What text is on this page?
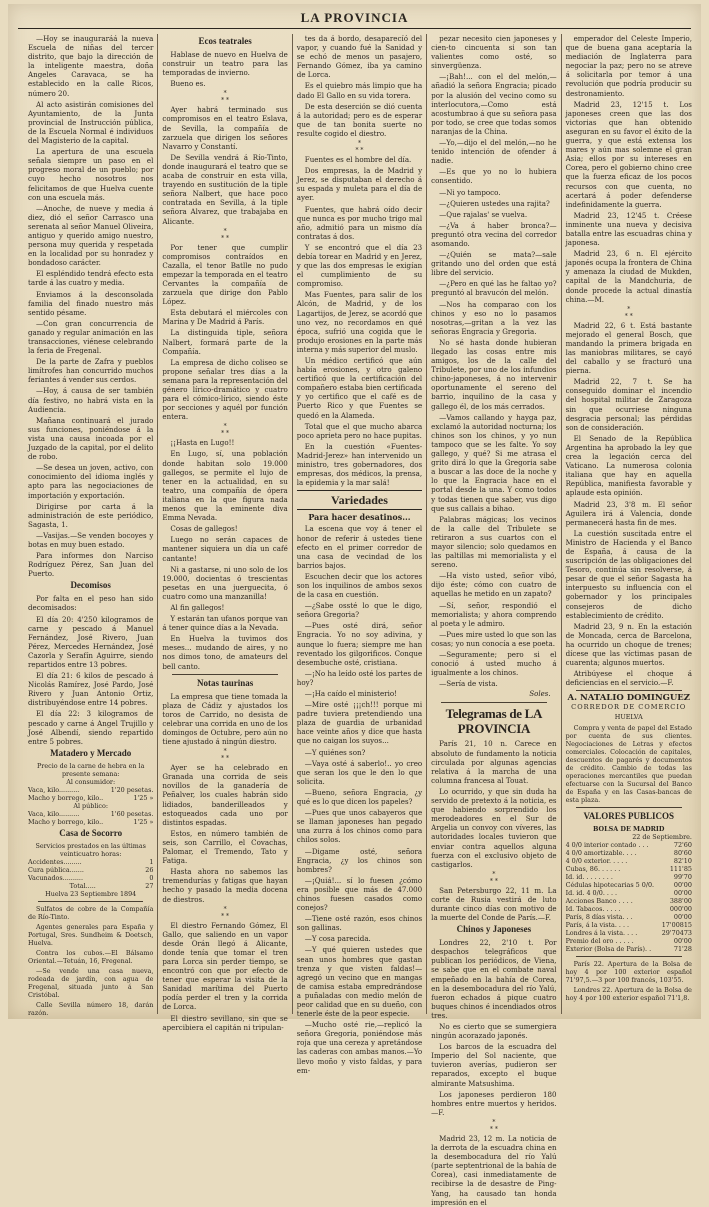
LA PROVINCIA

—Hoy se inauguraráá la nueva Escuela de niñas del tercer distrito, que bajo la dirección de la inteligente maestra, doña Angeles Caravaca, se ha establecido en la calle Ricos, número 20.

Al acto asistirán comisiones del Ayuntamiento, de la Junta provincial de Instrucción pública, de la Escuela Normal é individuos del Magisterio de la capital.

La apertura de una escuela señala siempre un paso en el progreso moral de un pueblo; por cuyo hecho nosotros nos felicitamos de que Huelva cuente con una escuela más.

—Anoche, de nueve y media á diez, dió el señor Carrasco una serenata al señor Manuel Oliveira, antiguo y querido amigo nuestro, persona muy querida y respetada en la localidad por su honradez y bondadoso carácter.

El espléndido tendrá efecto esta tarde á las cuatro y media.

Enviamos á la desconsolada familia del finado nuestro más sentido pésame.

—Con gran concurrencia de ganado y regular animación en las transacciones, viénese celebrando la feria de Fregenal.

De la parte de Zafra y pueblos limítrofes han concurrido muchos feriantes á vender sus cerdos.

—Hoy, á causa de ser también día festivo, no habrá vista en la Audiencia.

Mañana continuará el jurado sus funciones, poniéndose á la vista una causa incoada por el Juzgado de la capital, por el delito de robo.

—Se desea un joven, activo, con conocimiento del idioma inglés y apto para las negociaciones de importación y exportación.

Dirigirse por carta á la administración de este periódico, Sagasta, 1.

—Vasijas.—Se venden bocoyes y botas en muy buen estado.

Para informes don Narciso Rodríguez Pérez, San Juan del Puerto.

Decomisos

Por falta en el peso han sido decomisados:

El día 20: 4'250 kilogramos de carne y pescado á Manuel Fernández, José Rivero, Juan Pérez, Mercedes Hernández, José Cazorla y Serafín Aguirre, siendo repartidos entre 13 pobres.

El día 21: 6 kilos de pescado á Nicolás Ramírez, José Pardo, José Rivero y Juan Antonio Ortiz, distribuyéndose entre 14 pobres.

El día 22: 3 kilogramos de pescado y carne á Angel Trujillo y José Albendí, siendo repartido entre 5 pobres.

Matadero y Mercado
Precio de la carne de hebra en la presente semana:
Al consumidor:
Vaca, kilo..........	1'20 pesetas.
Macho y borrego, kilo..	1'25 »
Al público:
Vaca, kilo..........	1'60 pesetas.
Macho y borrego, kilo..	1'25 »
Casa de Socorro
Servicios prestados en las últimas veinticuatro horas:
Accidentes.........	1
Cura pública.......	26
Vacunados..........	0
Total.....	27
Huelva 23 Septiembre 1894

Sulfatos de cobre de la Compañía de Río-Tinto.

Agentes generales para España y Portugal, Sres. Sundheim & Doetsch, Huelva.

Contra los cubos.—El Bálsamo Oriental.—Tetuán, 16, Fregenal.

—Se vende una casa nueva, rodeada de jardín, con agua de Fregenal, situada junto á San Cristóbal.

Calle Sevilla número 18, darán razón.

Ecos teatrales

Hablase de nuevo en Huelva de construir un teatro para las temporadas de invierno.

Bueno es.

*
* *

Ayer habrá terminado sus compromisos en el teatro Eslava, de Sevilla, la compañía de zarzuela que dirigen los señores Navarro y Constantí.

De Sevilla vendrá á Río-Tinto, donde inaugurará el teatro que se acaba de construir en esta villa, trayendo en sustitución de la tiple señora Nalbert, que hace poco contratada en Sevilla, á la tiple señora Alvarez, que trabajaba en Alicante.

*
* *

Por tener que cumplir compromisos contraídos en Cazalla, el tenor Batlle no pudo empezar la temporada en el teatro Cervantes la compañía de zarzuela que dirige don Pablo López.

Esta debutará el miércoles con Marina y De Madrid á París.

La distinguida tiple, señora Nalbert, formará parte de la Compañía.

La empresa de dicho coliseo se propone señalar tres días a la semana para la representación del género lírico-dramático y cuatro para el cómico-lírico, siendo éste por secciones y aquél por función entera.

*
* *

¡¡Hasta en Lugo!!

En Lugo, sí, una población donde habitan solo 19.000 gallegos, se permite el lujo de tener en la actualidad, en su teatro, una compañía de ópera italiana en la que figura nada menos que la eminente diva Emma Nevada.

Cosas de gallegos!

Luego no serán capaces de mantener siquiera un día un café cantante!

Ni a gastarse, ni uno solo de los 19.000, docientas ó trescientas pesetas en una juerguecita, ó cuatro como una manzanilla!

Al fin gallegos!

Y estarán tan ufanos porque van á tener quince días a la Nevada.

En Huelva la tuvimos dos meses... mudando de aires, y no nos dimos tono, de amateurs del bell canto.

Notas taurinas

La empresa que tiene tomada la plaza de Cádiz y ajustados los toros de Carrido, no desista de celebrar una corrida en uno de los domingos de Octubre, pero aún no tiene ajustado á ningún diestro.

*
* *

Ayer se ha celebrado en Granada una corrida de seis novillos de la ganadería de Peñalver, los cuales habrán sido lidiados, banderilleados y estoqueados cada uno por distintos espadas.

Estos, en número también de seis, son Carrillo, el Covachas, Palomar, el Tremendo, Tato y Fatiga.

Hasta ahora no sabemos las tremendurías y fatigas que hayan hecho y pasado la media docena de diestros.

*
* *

El diestro Fernando Gómez, El Gallo, que saliendo en un vapor desde Orán llegó á Alicante, donde tenía que tomar el tren para Lorca sin perder tiempo, se encontró con que por efecto de tener que esperar la visita de la Sanidad marítima del Puerto podía perder el tren y la corrida de Lorca.

El diestro sevillano, sin que se apercibiera el capitán ni tripulan-

tes da á bordo, desaparecíó del vapor, y cuando fué la Sanidad y se echó de menos un pasajero, Fernando Gómez, iba ya camino de Lorca.

Es el quiebro más limpio que ha dado El Gallo en su vida torera.

De esta deserción se dió cuenta á la autoridad; pero es de esperar que de tan bonita suerte no resulte cogido el diestro.

*
* *

Fuentes es el hombre del día.

Dos empresas, la de Madrid y Jerez, se disputaban el derecho á su espada y muleta para el día de ayer.

Fuentes, que habrá oído decir que nunca es por mucho trigo mal año, admitió para un mismo día contratas á dos.

Y se encontró que el día 23 debía torear en Madrid y en Jerez, y que las dos empresas le exigían el cumplimiento de su compromiso.

Mas Fuentes, para salir de los Alcón, de Madrid, y de los Lagartijos, de Jerez, se acordó que uno vez, no recordamos en qué época, sufrió una cogida que le produjo erosiones en la parte más interna y más superior del muslo.

Un médico certificó que aún había erosiones, y otro galeno certificó que la certificación del compañero estaba bien certificada y yo certifico que el café es de Puerto Rico y que Fuentes se quedó en la Alameda.

Total que el que mucho abarca poco aprieta pero no hace pupitas.

En la cuestión «Fuentes-Madrid-Jerez» han intervenido un ministro, tres gobernadores, dos empresas, dos médicos, la prensa, la epidemia y la mar salá!

Variedades
Para hacer desatinos...

La escena que voy á tener el honor de referir á ustedes tiene efecto en el primer corredor de una casa de vecindad de los barrios bajos.

Escuchen decir que los actores son los inquilinos de ambos sexos de la casa en cuestión.

—¿Sabe ossté lo que le digo, señora Gregoria?

—Pues osté dirá, señor Engracia. Yo no soy adivina, y aunque lo fuera; siempre me han reventado los gilgorificos. Conque desembuche osté, cristiana.

—¡No ha leído osté los partes de hoy?

—¡Ha caído el ministerio!

—Mire osté ¡¡¡ch!!! porque mi padre tuviera pretendiendo una plaza de guardia de urbanidad hace veinte años y dice que hasta que no caigan los suyos...

—Y quiénes son?

—Vaya osté á saberlo!.. yo creo que seran los que le den lo que solicita.

—Bueno, señora Engracia, ¿y qué es lo que dicen los papeles?

—Pues que unos cabayeros que se llaman japoneses han pegado una zurra á los chinos como para chilos solos.

—Digame osté, señora Engracia, ¿y los chinos son hombres?

—¡Quiá!... sí lo fuesen ¿cómo era posible que más de 47.000 chinos fuesen casados como conejos?

—Tiene osté razón, esos chinos son gallinas.

—Y cosa parecida.

—Y qué quieren ustedes que sean unos hombres que gastan trenza y que visten faldas!—agregó un vecino que en mangas de camisa estaba empredrándose a puñaladas con medio melón de peor calidad que en su dueño, con tenerle éste de la peor especie.

—Mucho osté rie,—replicó la señora Gregoria, poniéndose más roja que una cereza y apretándose las caderas con ambas manos.—Yo llevo moño y visto faldas, y para em-

pezar necesito cien japoneses y cien-to cincuenta si son tan valientes como osté, so sinvergüenza.

—¡Bah!... con el del melón,—añadió la señora Engracia; picado por la alusión del vecino como su interlocutora,—Como está acostumbrao á que su señora pasa por todo, se cree que todas somos naranjas de la China.

—Yo,—dijo el del melón,—no he tenido intención de ofender á nadie.

—Es que yo no lo hubiera consentido.

—Ni yo tampoco.

—¿Quieren ustedes una rajita?

—Que rajalas' se vuelva.

—¿Va á haber bronca?—preguntó otra vecina del corredor asomando.

—¿Quién se mata?—sale gritando uno del orden que está libre del servicio.

—¿Pero en qué las he faltao yo? preguntó al bravucón del melón.

—Nos ha comparao con los chinos y eso no lo pasamos nosotras,—gritan a la vez las señoras Engracia y Gregoria.

No sé hasta donde hubieran llegado las cosas entre mis amigos, los de la calle del Tribulete, por uno de los infundios chino-japoneses, á no intervenir oportunamente el sereno del barrio, inquilino de la casa y gallego él, de los más cerrados.

—Vamos callando y hayga paz, exclamó la autoridad nocturna; los chinos son los chinos, y yo nun tampoco que se les falte. Yo soy gallego, y qué? Si me atrasa el grito dirá lo que la Gregoria sabe a buscar a las doce de la noche y lo que la Engracia hace en el portal desde la una. Y como todos y todas tienen que saber, vus digo que sus callais a bihao.

Palabras mágicas; los vecinos de la calle del Tribulete se retiraron a sus cuartos con el mayor silencio; solo quedamos en las paltillas mi memorialista y el sereno.

—Ha visto usted, señor vibó, dijo éste; cómo con cuatro de aquellas he metido en un zapato?

—Sí, señor, respondió el memorialista; y ahora comprendo al poeta y le admiro.

—Pues mire usted lo que son las cosas; yo nun conocía a ese poeta.

—Seguramente; pero si el conoció á usted mucho á igualmente a los chinos.

—Sería de vista.

Soles.
Telegramas de LA PROVINCIA

París 21, 10 n. Carece en absoluto de fundamento la noticia circulada por algunas agencias relativa á la marcha de una columna francesa al Touat.

Lo ocurrido, y que sin duda ha servido de pretexto á la noticia, es que habiendo sorprendido los merodeadores en el Sur de Argelia un convoy con víveres, las autoridades locales tuvieron que enviar contra aquellos alguna fuerza con el exclusivo objeto de castigarlos.

*
* *

San Petersburgo 22, 11 m. La corte de Rusia vestirá de luto durante cinco días con motivo de la muerte del Conde de París.—F.

Chinos y Japoneses

Londres 22, 2'10 t. Por despachos telegráficos que publican los periódicos, de Viena, se sabe que en el combate naval empeñado en la bahía de Corea, en la desembocadura del río Yalú, fueron echados á pique cuatro buques chinos é incendiados otros tres.

No es cierto que se sumergiera ningún acorazado japonés.

Los barcos de la escuadra del Imperio del Sol naciente, que tuvieron averías, pudieron ser reparados, excepto el buque almirante Matsushima.

Los japoneses perdieron 180 hombres entre muertos y heridos.—F.

*
* *

Madrid 23, 12 m. La noticia de la derrota de la escuadra china en la desembocadura del río Yalú (parte septentrional de la bahía de Corea), casi inmediatamente de recibirse la de desastre de Ping-Yang, ha causado tan honda impresión en el

emperador del Celeste Imperio, que de buena gana aceptaría la mediación de Inglaterra para negociar la paz; pero no se atreve á solicitarla por temor á una revolución que podría producir su destronamiento.

Madrid 23, 12'15 t. Los japoneses creen que las dos victorias que han obtenido aseguran en su favor el éxito de la guerra, y que está extensa los mares y aún mas solemne el gran Asia; ellos por su intereses en Corea, pero el gobierno chino cree que la fuerza eficaz de los pocos recursos con que cuenta, no acertará á poder defenderse indefinidamente la guerra.

Madrid 23, 12'45 t. Créese inminente una nueva y decisiva batalla entre las escuadras china y japonesa.

Madrid 23, 6 n. El ejército japonés ocupa la frontera de China y amenaza la ciudad de Mukden, capital de la Mandchuria, de donde procede la actual dinastía china.—M.

*
* *

Madrid 22, 6 t. Está bastante mejorado el general Bosch, que mandando la primera brigada en las maniobras militares, se cayó del caballo y se fracturó una pierna.

Madrid 22, 7 t. Se ha conseguido dominar el incendio del hospital militar de Zaragoza sin que ocurriese ninguna desgracia personal; las pérdidas son de consideración.

El Senado de la República Argentina ha aprobado la ley que crea la legación cerca del Vaticano. La numerosa colonia italiana que hay en aquella República, manifiesta favorable y aplaude esta opinión.

Madrid 23, 3'8 m. El señor Aguilera irá á Valencia, donde permanecerá hasta fin de mes.

La cuestión suscitada entre el Ministro de Hacienda y el Banco de España, á causa de la suscripción de las obligaciones del Tesoro, continúa sin resolverse, á pesar de que el señor Sagasta ha interpuesto su influencia con el gobernador y los principales consejeros de dicho establecimiento de crédito.

Madrid 23, 9 n. En la estación de Moncada, cerca de Barcelona, ha ocurrido un choque de trenes; dícese que las víctimas pasan de cuarenta; algunos muertos.

Atribúyese el choque á deficiencias en el servicio.—F.

A. NATALIO DOMINGUEZ
CORREDOR DE COMERCIO
HUELVA

Compra y venta de papel del Estado por cuenta de sus clientes. Negociaciones de Letras y efectos comerciales. Colocación de capitales, descuentos de pagarés y documentos de crédito. Cambio de todas las operaciones mercantiles que puedan efectuarse con la Sucursal del Banco de España y en las Casas-bancas de esta plaza.

VALORES PUBLICOS
BOLSA DE MADRID
22 de Septiembre.
4 0/0 interior contado . . .	72'60
4 0/0 amortizable. . . .	80'60
4 0/0 exterior. . . . .	82'10
Cubas, 86. . . . . .	111'85
Id. id. . . . . . . .	99'70
Cédulas hipotecarias 5 0/0.	00'00
Id. id. 4 0/0. . . .	00'00
Acciones Banco . . . .	388'00
Id. Tabacos. . . . .	000'00
París, 8 días vista. . .	00'00
París, á la vista. . . .	17'00815
Londres á la vista. . . .	29'70473
Premio del oro . . . . .	00'00
Exterior (Bolsa de París). .	71'28

París 22. Apertura de la Bolsa de hoy 4 por 100 exterior español 71'97,5.—3 por 100 francés, 103'55.

Londres 22. Apertura de la Bolsa de hoy 4 por 100 exterior español 71'1,8.
